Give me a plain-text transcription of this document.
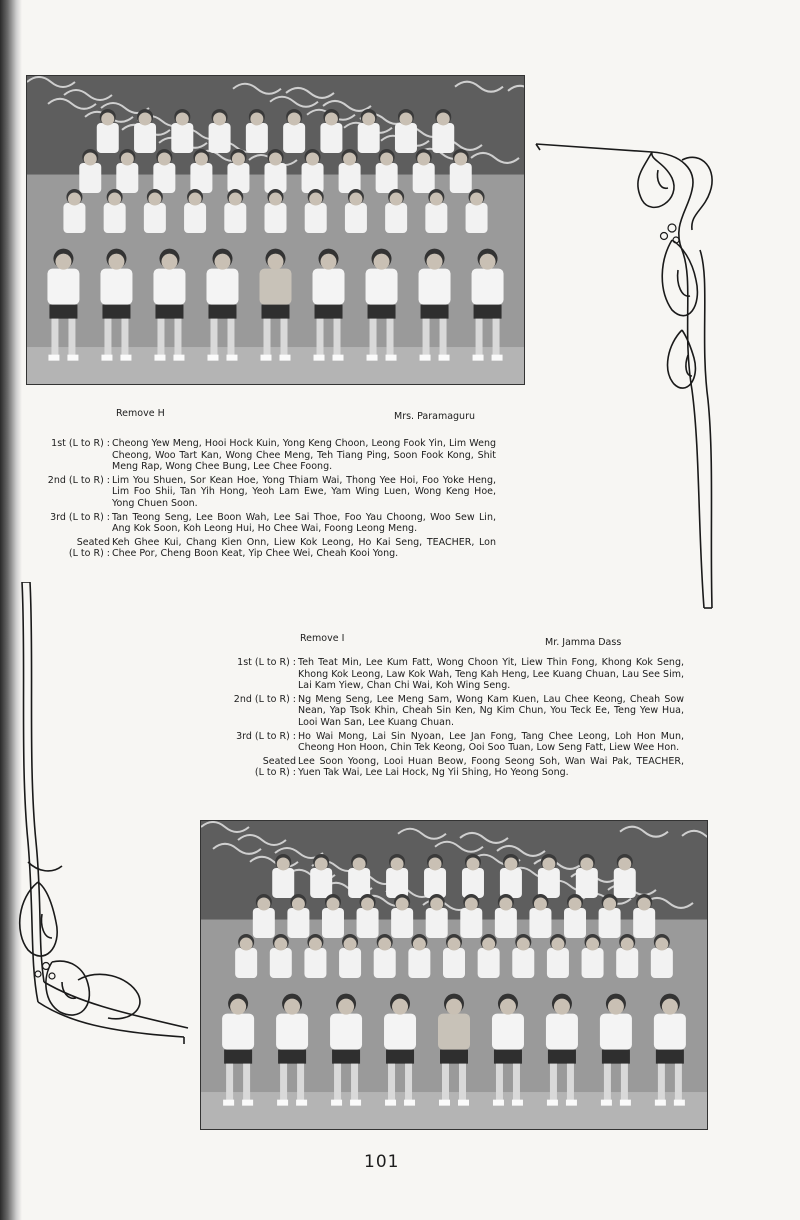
Remove H	Mrs. Paramaguru
1st (L to R) : Cheong Yew Meng, Hooi Hock Kuin, Yong Keng Choon, Leong Fook Yin, Lim Weng Cheong, Woo Tart Kan, Wong Chee Meng, Teh Tiang Ping, Soon Fook Kong, Shit Meng Rap, Wong Chee Bung, Lee Chee Foong.
2nd (L to R) : Lim You Shuen, Sor Kean Hoe, Yong Thiam Wai, Thong Yee Hoi, Foo Yoke Heng, Lim Foo Shii, Tan Yih Hong, Yeoh Lam Ewe, Yam Wing Luen, Wong Keng Hoe, Yong Chuen Soon.
3rd (L to R) : Tan Teong Seng, Lee Boon Wah, Lee Sai Thoe, Foo Yau Choong, Woo Sew Lin, Ang Kok Soon, Koh Leong Hui, Ho Chee Wai, Foong Leong Meng.
Seated
(L to R) :
Keh Ghee Kui, Chang Kien Onn, Liew Kok Leong, Ho Kai Seng, TEACHER, Lon Chee Por, Cheng Boon Keat, Yip Chee Wei, Cheah Kooi Yong.
Remove I	Mr. Jamma Dass
1st (L to R) : Teh Teat Min, Lee Kum Fatt, Wong Choon Yit, Liew Thin Fong, Khong Kok Seng, Khong Kok Leong, Law Kok Wah, Teng Kah Heng, Lee Kuang Chuan, Lau See Sim, Lai Kam Yiew, Chan Chi Wai, Koh Wing Seng.
2nd (L to R) : Ng Meng Seng, Lee Meng Sam, Wong Kam Kuen, Lau Chee Keong, Cheah Sow Nean, Yap Tsok Khin, Cheah Sin Ken, Ng Kim Chun, You Teck Ee, Teng Yew Hua, Looi Wan San, Lee Kuang Chuan.
3rd (L to R) : Ho Wai Mong, Lai Sin Nyoan, Lee Jan Fong, Tang Chee Leong, Loh Hon Mun, Cheong Hon Hoon, Chin Tek Keong, Ooi Soo Tuan, Low Seng Fatt, Liew Wee Hon.
Seated
(L to R) :
Lee Soon Yoong, Looi Huan Beow, Foong Seong Soh, Wan Wai Pak, TEACHER, Yuen Tak Wai, Lee Lai Hock, Ng Yii Shing, Ho Yeong Song.
101
